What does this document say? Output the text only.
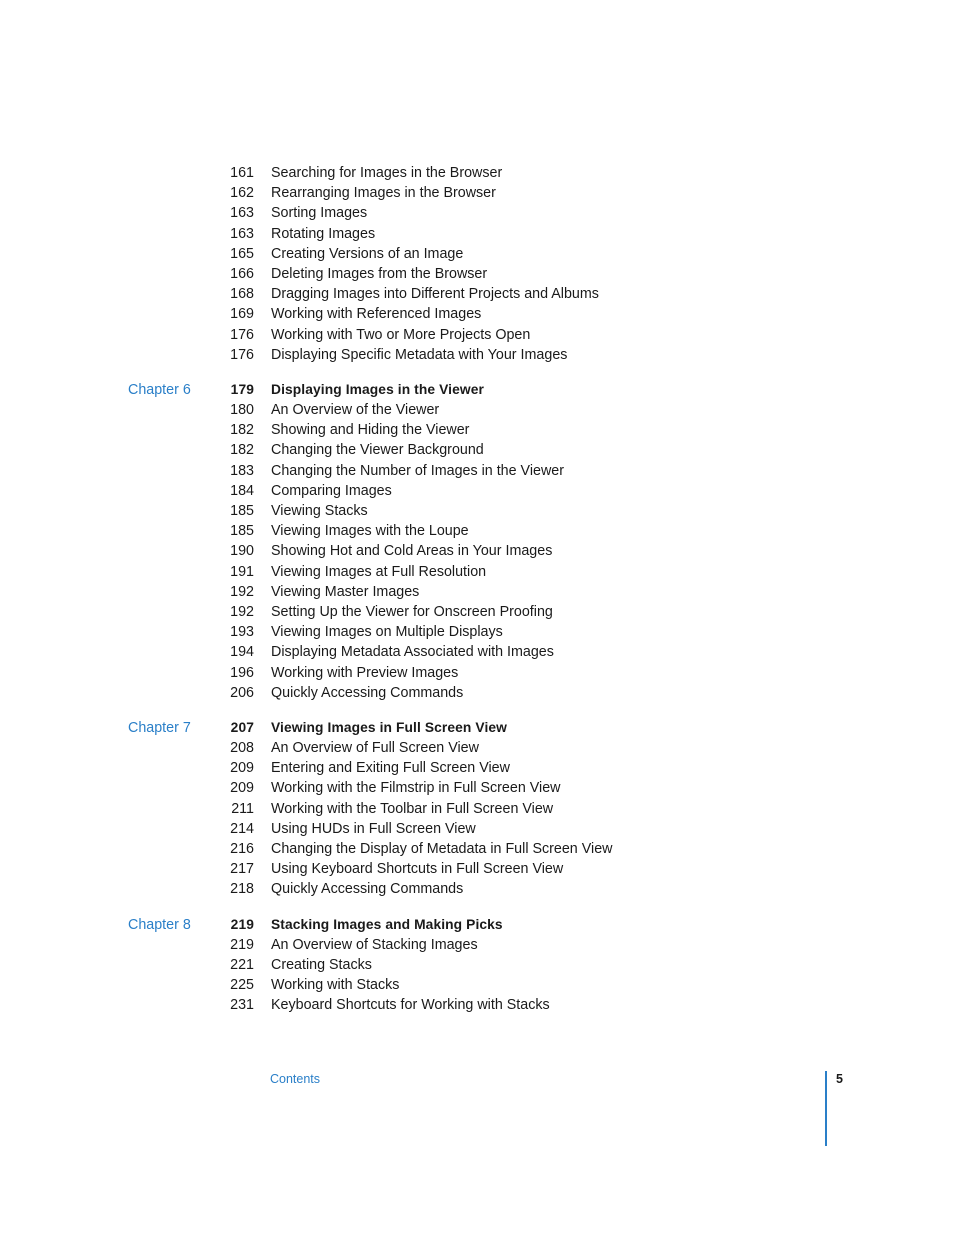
161 Searching for Images in the Browser
162 Rearranging Images in the Browser
163 Sorting Images
163 Rotating Images
165 Creating Versions of an Image
166 Deleting Images from the Browser
168 Dragging Images into Different Projects and Albums
169 Working with Referenced Images
176 Working with Two or More Projects Open
176 Displaying Specific Metadata with Your Images
Chapter 6	179 Displaying Images in the Viewer
180 An Overview of the Viewer
182 Showing and Hiding the Viewer
182 Changing the Viewer Background
183 Changing the Number of Images in the Viewer
184 Comparing Images
185 Viewing Stacks
185 Viewing Images with the Loupe
190 Showing Hot and Cold Areas in Your Images
191 Viewing Images at Full Resolution
192 Viewing Master Images
192 Setting Up the Viewer for Onscreen Proofing
193 Viewing Images on Multiple Displays
194 Displaying Metadata Associated with Images
196 Working with Preview Images
206 Quickly Accessing Commands
Chapter 7	207 Viewing Images in Full Screen View
208 An Overview of Full Screen View
209 Entering and Exiting Full Screen View
209 Working with the Filmstrip in Full Screen View
211 Working with the Toolbar in Full Screen View
214 Using HUDs in Full Screen View
216 Changing the Display of Metadata in Full Screen View
217 Using Keyboard Shortcuts in Full Screen View
218 Quickly Accessing Commands
Chapter 8	219 Stacking Images and Making Picks
219 An Overview of Stacking Images
221 Creating Stacks
225 Working with Stacks
231 Keyboard Shortcuts for Working with Stacks
Contents	5
